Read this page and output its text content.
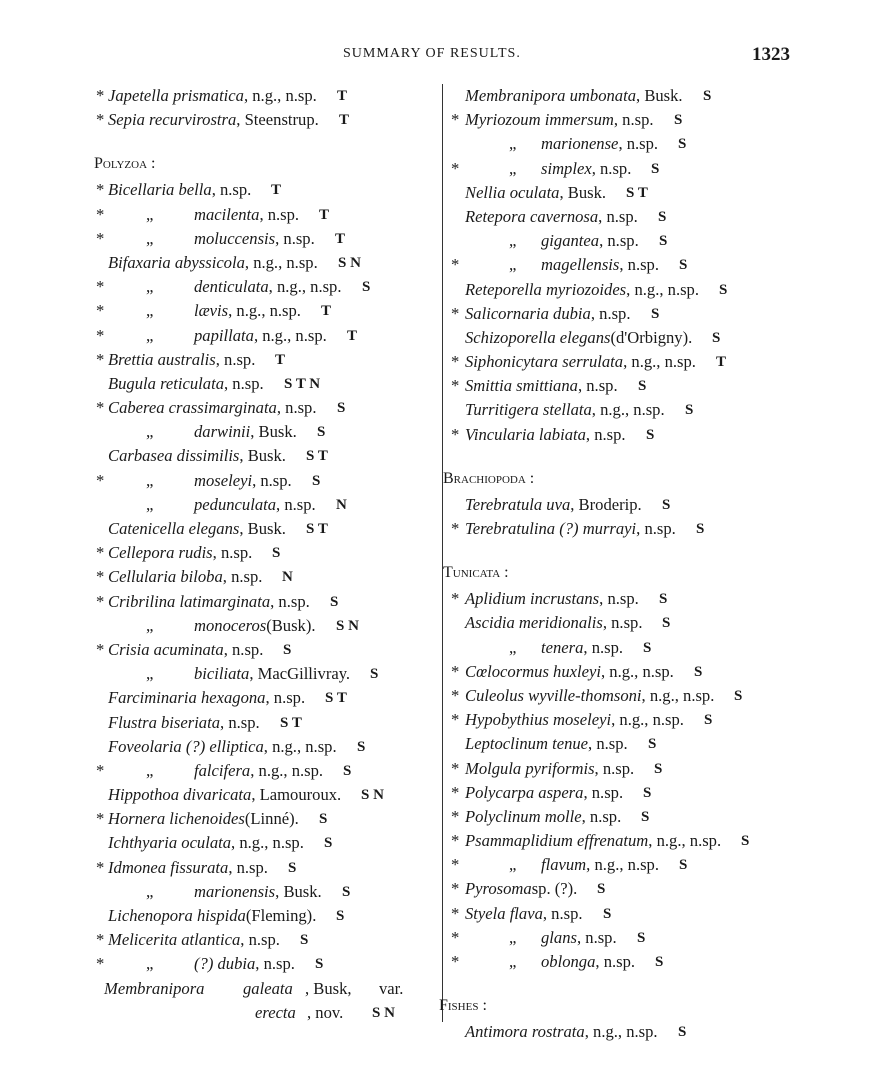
SUMMARY OF RESULTS.	1323
* Japetella prismatica , n.g., n.sp. T
* Sepia recurvirostra , Steenstrup. T
Polyzoa :
* Bicellaria bella , n.sp. T
*	„ macilenta , n.sp. T
*	„ moluccensis , n.sp. T
Bifaxaria abyssicola , n.g., n.sp. S N
*	„ denticulata , n.g., n.sp. S
*	„ lævis , n.g., n.sp. T
*	„ papillata , n.g., n.sp. T
* Brettia australis , n.sp. T
Bugula reticulata , n.sp. S T N
* Caberea crassimarginata , n.sp. S
„ darwinii , Busk. S
Carbasea dissimilis , Busk. S T
*	„ moseleyi , n.sp. S
„ pedunculata , n.sp. N
Catenicella elegans , Busk. S T
* Cellepora rudis , n.sp. S
* Cellularia biloba , n.sp. N
* Cribrilina latimarginata , n.sp. S
„ monoceros (Busk). S N
* Crisia acuminata , n.sp. S
„ biciliata , MacGillivray. S
Farciminaria hexagona , n.sp. S T
Flustra biseriata , n.sp. S T
Foveolaria (?) elliptica , n.g., n.sp. S
*	„ falcifera , n.g., n.sp. S
Hippothoa divaricata , Lamouroux. S N
* Hornera lichenoides (Linné). S
Ichthyaria oculata , n.g., n.sp. S
* Idmonea fissurata , n.sp. S
„ marionensis , Busk. S
Lichenopora hispida (Fleming). S
* Melicerita atlantica , n.sp. S
*	„ (?) dubia , n.sp. S
Membranipora galeata , Busk, var.
erecta , nov. S N
Membranipora umbonata , Busk. S
* Myriozoum immersum , n.sp. S
„ marionense , n.sp. S
*	„ simplex , n.sp. S
Nellia oculata , Busk. S T
Retepora cavernosa , n.sp. S
„ gigantea , n.sp. S
*	„ magellensis , n.sp. S
Reteporella myriozoides , n.g., n.sp. S
* Salicornaria dubia , n.sp. S
Schizoporella elegans (d'Orbigny). S
* Siphonicytara serrulata , n.g., n.sp. T
* Smittia smittiana , n.sp. S
Turritigera stellata , n.g., n.sp. S
* Vincularia labiata , n.sp. S
Brachiopoda :
Terebratula uva , Broderip. S
* Terebratulina (?) murrayi , n.sp. S
Tunicata :
* Aplidium incrustans , n.sp. S
Ascidia meridionalis , n.sp. S
„ tenera , n.sp. S
* Cœlocormus huxleyi , n.g., n.sp. S
* Culeolus wyville-thomsoni , n.g., n.sp. S
* Hypobythius moseleyi , n.g., n.sp. S
Leptoclinum tenue , n.sp. S
* Molgula pyriformis , n.sp. S
* Polycarpa aspera , n.sp. S
* Polyclinum molle , n.sp. S
* Psammaplidium effrenatum , n.g., n.sp. S
*	„ flavum , n.g., n.sp. S
* Pyrosoma sp. (?). S
* Styela flava , n.sp. S
*	„ glans , n.sp. S
*	„ oblonga , n.sp. S
Fishes :
Antimora rostrata , n.g., n.sp. S
